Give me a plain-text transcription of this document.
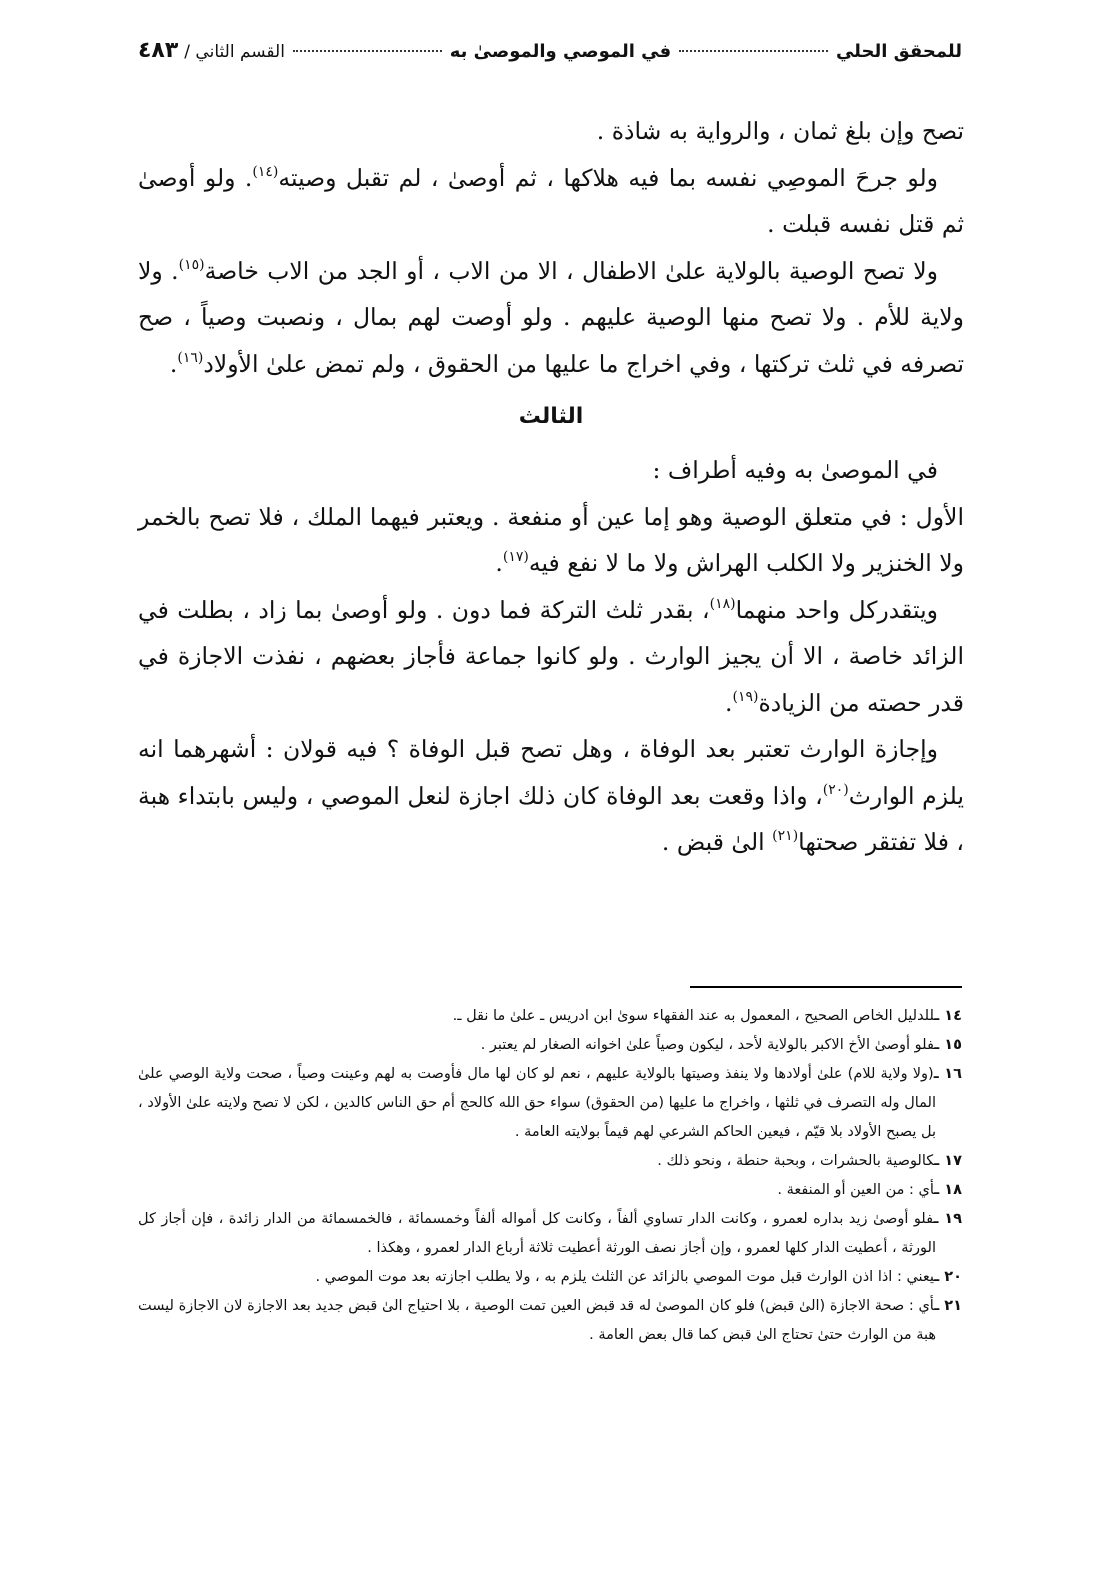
للمحقق الحلي
في الموصي والموصىٰ به
القسم الثاني /
٤٨٣

تصح وإن بلغ ثمان ، والرواية به شاذة .

ولو جرحَ الموصِي نفسه بما فيه هلاكها ، ثم أوصىٰ ، لم تقبل وصيته$^{(١٤)}$. ولو أوصىٰ ثم قتل نفسه قبلت .

ولا تصح الوصية بالولاية علىٰ الاطفال ، الا من الاب ، أو الجد من الاب خاصة$^{(١٥)}$. ولا ولاية للأم . ولا تصح منها الوصية عليهم . ولو أوصت لهم بمال ، ونصبت وصياً ، صح تصرفه في ثلث تركتها ، وفي اخراج ما عليها من الحقوق ، ولم تمض علىٰ الأولاد$^{(١٦)}$.

الثالث

في الموصىٰ به وفيه أطراف :

الأول : في متعلق الوصية وهو إما عين أو منفعة . ويعتبر فيهما الملك ، فلا تصح بالخمر ولا الخنزير ولا الكلب الهراش ولا ما لا نفع فيه$^{(١٧)}$.

ويتقدركل واحد منهما$^{(١٨)}$، بقدر ثلث التركة فما دون . ولو أوصىٰ بما زاد ، بطلت في الزائد خاصة ، الا أن يجيز الوارث . ولو كانوا جماعة فأجاز بعضهم ، نفذت الاجازة في قدر حصته من الزيادة$^{(١٩)}$.

وإجازة الوارث تعتبر بعد الوفاة ، وهل تصح قبل الوفاة ؟ فيه قولان : أشهرهما انه يلزم الوارث$^{(٢٠)}$، واذا وقعت بعد الوفاة كان ذلك اجازة لنعل الموصي ، وليس بابتداء هبة ، فلا تفتقر صحتها$^{(٢١)}$ الىٰ قبض .

١٤ ـللدليل الخاص الصحيح ، المعمول به عند الفقهاء سوىٰ ابن ادريس ـ علىٰ ما نقل ـ.

١٥ ـفلو أوصىٰ الأخ الاكبر بالولاية لأحد ، ليكون وصياً علىٰ اخوانه الصغار لم يعتبر .

١٦ ـ(ولا ولاية للام) علىٰ أولادها ولا ينفذ وصيتها بالولاية عليهم ، نعم لو كان لها مال فأوصت به لهم وعينت وصياً ، صحت ولاية الوصي علىٰ المال وله التصرف في ثلثها ، واخراج ما عليها (من الحقوق) سواء حق الله كالحج أم حق الناس كالدين ، لكن لا تصح ولايته علىٰ الأولاد ، بل يصبح الأولاد بلا قيّم ، فيعين الحاكم الشرعي لهم قيماً بولايته العامة .

١٧ ـكالوصية بالحشرات ، وبحبة حنطة ، ونحو ذلك .

١٨ ـأي : من العين أو المنفعة .

١٩ ـفلو أوصىٰ زيد بداره لعمرو ، وكانت الدار تساوي ألفاً ، وكانت كل أمواله ألفاً وخمسمائة ، فالخمسمائة من الدار زائدة ، فإن أجاز كل الورثة ، أعطيت الدار كلها لعمرو ، وإن أجاز نصف الورثة أعطيت ثلاثة أرباع الدار لعمرو ، وهكذا .

٢٠ ـيعني : اذا اذن الوارث قبل موت الموصي بالزائد عن الثلث يلزم به ، ولا يطلب اجازته بعد موت الموصي .

٢١ ـأي : صحة الاجازة (الىٰ قبض) فلو كان الموصىٰ له قد قبض العين تمت الوصية ، بلا احتياج الىٰ قبض جديد بعد الاجازة لان الاجازة ليست هبة من الوارث حتىٰ تحتاج الىٰ قبض كما قال بعض العامة .
